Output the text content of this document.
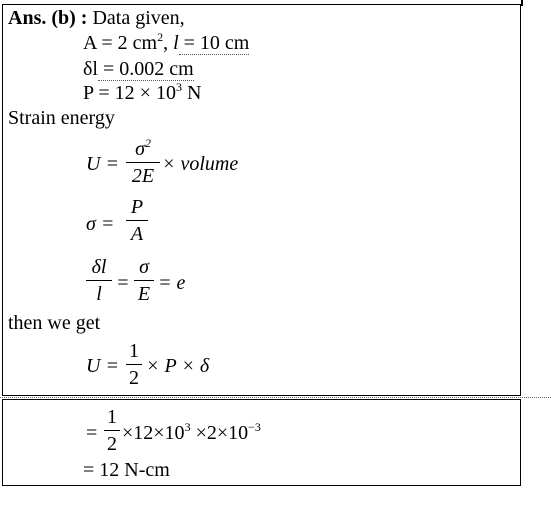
Ans. (b) : Data given,
A = 2 $cm^2$, l = 10 cm
δl = 0.002 cm
$P = 12 \times 10^3$ N
Strain energy
U =
$\sigma^2$
2E
× volume
σ =
P
A
δl
l =
σ
E = e
then we get
U =
1
2
× P × δ
=
1
$2 \times 12\times 10^3 \times 2\times 10^{-3}$
= 12 N-cm
